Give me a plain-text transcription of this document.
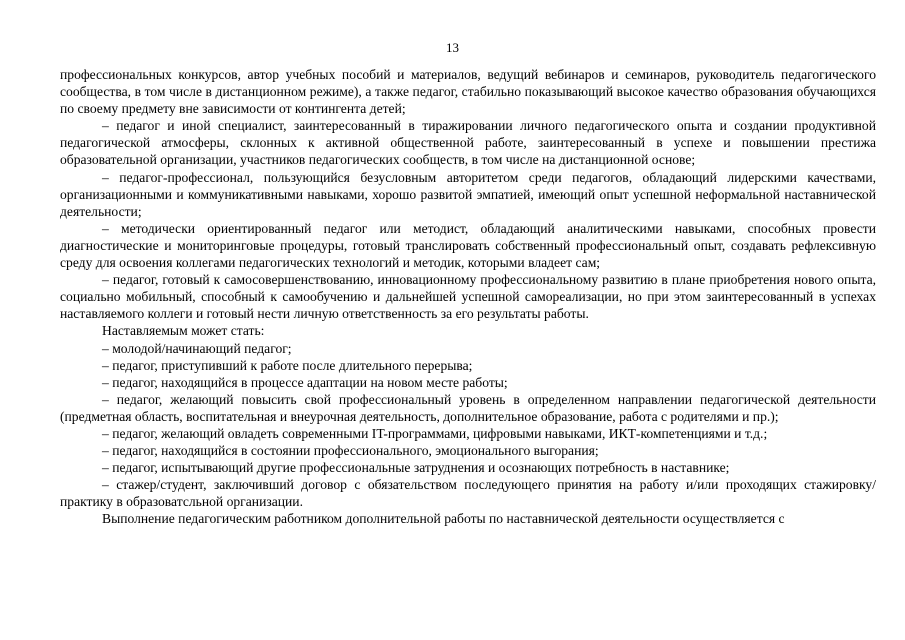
13

профессиональных конкурсов, автор учебных пособий и материалов, ведущий вебинаров и семинаров, руководитель педагогического сообщества, в том числе в дистанционном режиме), а также педагог, стабильно показывающий высокое качество образования обучающихся по своему предмету вне зависимости от контингента детей;

– педагог и иной специалист, заинтересованный в тиражировании личного педагогического опыта и создании продуктивной педагогической атмосферы, склонных к активной общественной работе, заинтересованный в успехе и повышении престижа образовательной организации, участников педагогических сообществ, в том числе на дистанционной основе;

– педагог-профессионал, пользующийся безусловным авторитетом среди педагогов, обладающий лидерскими качествами, организационными и коммуникативными навыками, хорошо развитой эмпатией, имеющий опыт успешной неформальной наставнической деятельности;

– методически ориентированный педагог или методист, обладающий аналитическими навыками, способных провести диагностические и мониторинговые процедуры, готовый транслировать собственный профессиональный опыт, создавать рефлексивную среду для освоения коллегами педагогических технологий и методик, которыми владеет сам;

– педагог, готовый к самосовершенствованию, инновационному профессиональному развитию в плане приобретения нового опыта, социально мобильный, способный к самообучению и дальнейшей успешной самореализации, но при этом заинтересованный в успехах наставляемого коллеги и готовый нести личную ответственность за его результаты работы.

Наставляемым может стать:

– молодой/начинающий педагог;

– педагог, приступивший к работе после длительного перерыва;

– педагог, находящийся в процессе адаптации на новом месте работы;

– педагог, желающий повысить свой профессиональный уровень в определенном направлении педагогической деятельности (предметная область, воспитательная и внеурочная деятельность, дополнительное образование, работа с родителями и пр.);

– педагог, желающий овладеть современными IT-программами, цифровыми навыками, ИКТ-компетенциями и т.д.;

– педагог, находящийся в состоянии профессионального, эмоционального выгорания;

– педагог, испытывающий другие профессиональные затруднения и осознающих потребность в наставнике;

– стажер/студент, заключивший договор с обязательством последующего принятия на работу и/или проходящих стажировку/практику в образоватсльной организации.

Выполнение педагогическим работником дополнительной работы по наставнической деятельности осуществляется с
